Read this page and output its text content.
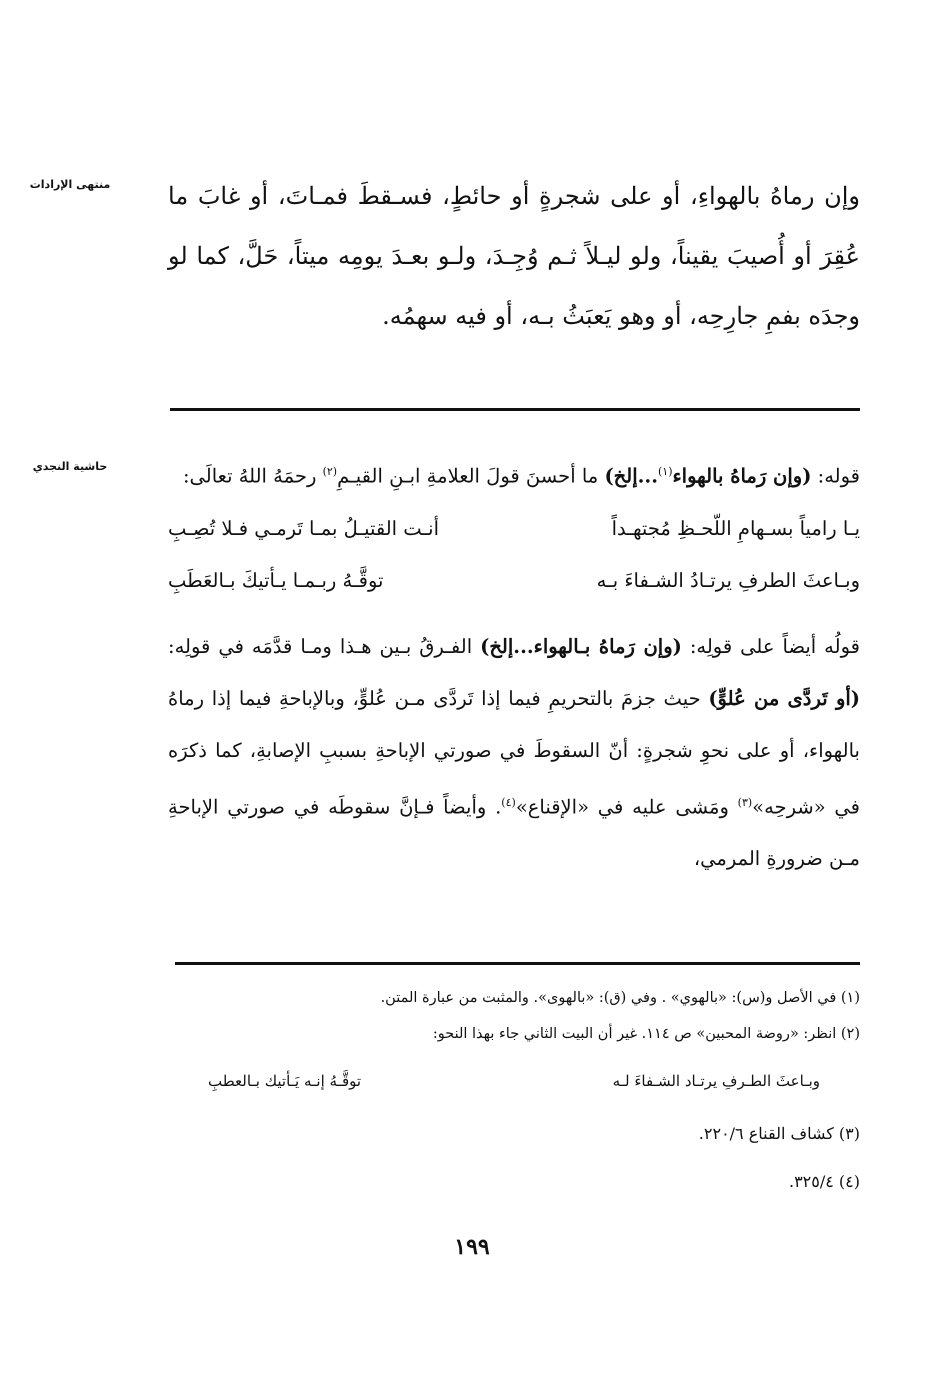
منتهى الإرادات
حاشية النجدي
وإن رماهُ بالهواءِ، أو على شجرةٍ أو حائطٍ، فسـقطَ فمـاتَ، أو غابَ ما عُقِرَ أو أُصيبَ يقيناً، ولو ليـلاً ثـم وُجِـدَ، ولـو بعـدَ يومِه ميتاً، حَلَّ، كما لو وجدَه بفمِ جارِحِه، أو وهو يَعبَثُ بـه، أو فيه سهمُه.

قوله: (وإن رَماهُ بالهواء$^{(١)}$...إلخ) ما أحسنَ قولَ العلامةِ ابـنِ القيـمِ$^{(٢)}$ رحمَهُ اللهُ تعالَى:

يـا رامياً بسـهامِ اللّحـظِ مُجتهـداً
أنـت القتيـلُ بمـا تَرمـي فـلا تُصِـبِ
وبـاعثَ الطرفِ يرتـادُ الشـفاءَ بـه
توقَّـهُ ربـمـا يـأتيكَ بـالعَطَبِ

قولُه أيضاً على قولِه: (وإن رَماهُ بـالهواء...إلخ) الفـرقُ بـين هـذا ومـا قدَّمَه في قولِه: (أو تَردَّى من عُلوٍّ) حيث جزمَ بالتحريمِ فيما إذا تَردَّى مـن عُلوٍّ، وبالإباحةِ فيما إذا رماهُ بالهواء، أو على نحوِ شجرةٍ: أنّ السقوطَ في صورتي الإباحةِ بسببِ الإصابةِ، كما ذكرَه في «شرحِه»$^{(٣)}$ ومَشى عليه في «الإقناع»$^{(٤)}$. وأيضاً فـإنَّ سقوطَه في صورتي الإباحةِ مـن ضرورةِ المرمي،

(١) في الأصل و(س): «بالهوي» . وفي (ق): «بالهوى». والمثبت من عبارة المتن.
(٢) انظر: «روضة المحبين» ص ١١٤. غير أن البيت الثاني جاء بهذا النحو:
وبـاعثَ الطـرفِ يرتـاد الشـفاءَ لـه
توقَّـهُ إنـه يَـأتيك بـالعطبِ
(٣) كشاف القناع ٢٢٠/٦.
(٤) ٣٢٥/٤.
١٩٩
